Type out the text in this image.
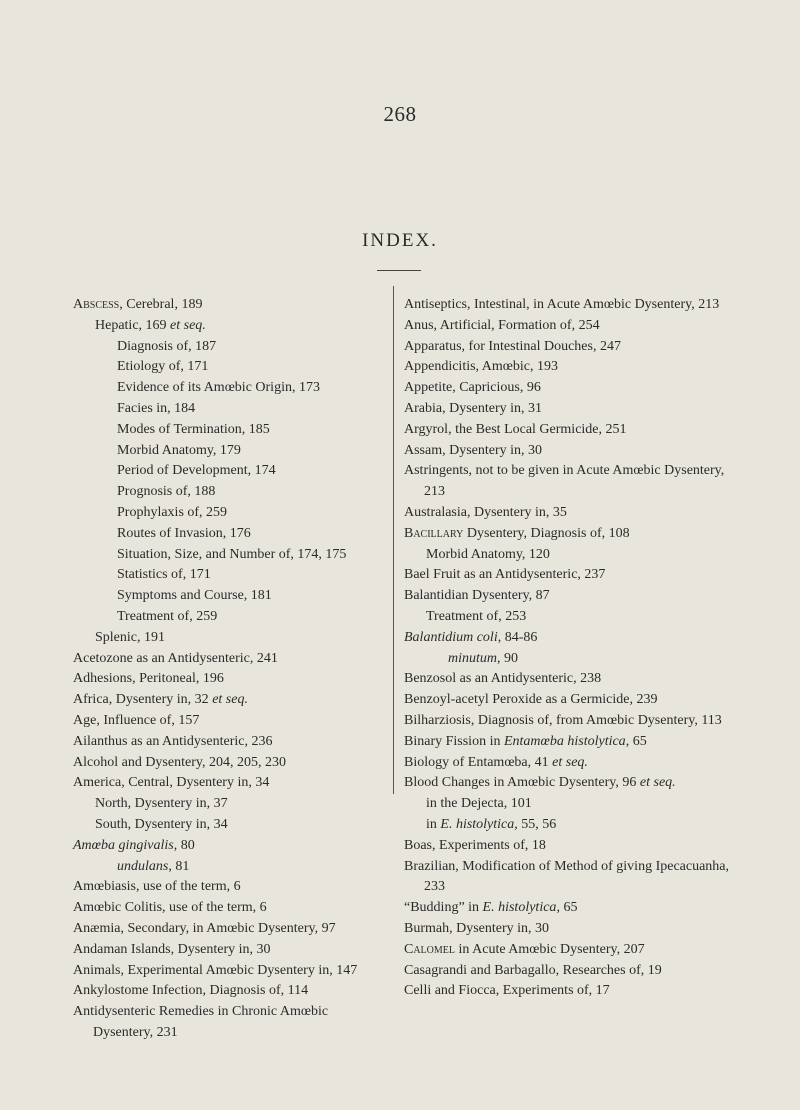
268
INDEX.
Abscess, Cerebral, 189
Hepatic, 169 et seq.
Diagnosis of, 187
Etiology of, 171
Evidence of its Amœbic Origin, 173
Facies in, 184
Modes of Termination, 185
Morbid Anatomy, 179
Period of Development, 174
Prognosis of, 188
Prophylaxis of, 259
Routes of Invasion, 176
Situation, Size, and Number of, 174, 175
Statistics of, 171
Symptoms and Course, 181
Treatment of, 259
Splenic, 191
Acetozone as an Antidysenteric, 241
Adhesions, Peritoneal, 196
Africa, Dysentery in, 32 et seq.
Age, Influence of, 157
Ailanthus as an Antidysenteric, 236
Alcohol and Dysentery, 204, 205, 230
America, Central, Dysentery in, 34
North, Dysentery in, 37
South, Dysentery in, 34
Amœba gingivalis, 80
undulans, 81
Amœbiasis, use of the term, 6
Amœbic Colitis, use of the term, 6
Anæmia, Secondary, in Amœbic Dysentery, 97
Andaman Islands, Dysentery in, 30
Animals, Experimental Amœbic Dysentery in, 147
Ankylostome Infection, Diagnosis of, 114
Antidysenteric Remedies in Chronic Amœbic Dysentery, 231
Antiseptics, Intestinal, in Acute Amœbic Dysentery, 213
Anus, Artificial, Formation of, 254
Apparatus, for Intestinal Douches, 247
Appendicitis, Amœbic, 193
Appetite, Capricious, 96
Arabia, Dysentery in, 31
Argyrol, the Best Local Germicide, 251
Assam, Dysentery in, 30
Astringents, not to be given in Acute Amœbic Dysentery, 213
Australasia, Dysentery in, 35
Bacillary Dysentery, Diagnosis of, 108
Morbid Anatomy, 120
Bael Fruit as an Antidysenteric, 237
Balantidian Dysentery, 87
Treatment of, 253
Balantidium coli, 84-86
minutum, 90
Benzosol as an Antidysenteric, 238
Benzoyl-acetyl Peroxide as a Germicide, 239
Bilharziosis, Diagnosis of, from Amœbic Dysentery, 113
Binary Fission in Entamœba histolytica, 65
Biology of Entamœba, 41 et seq.
Blood Changes in Amœbic Dysentery, 96 et seq.
in the Dejecta, 101
in E. histolytica, 55, 56
Boas, Experiments of, 18
Brazilian, Modification of Method of giving Ipecacuanha, 233
“Budding” in E. histolytica, 65
Burmah, Dysentery in, 30
Calomel in Acute Amœbic Dysentery, 207
Casagrandi and Barbagallo, Researches of, 19
Celli and Fiocca, Experiments of, 17
